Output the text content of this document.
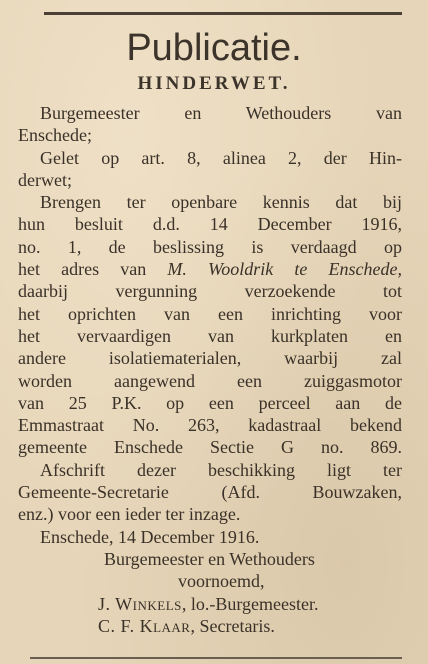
Publicatie.
HINDERWET.
Burgemeester en Wethouders van
Enschede;
Gelet op art. 8, alinea 2, der Hin-
derwet;
Brengen ter openbare kennis dat bij
hun besluit d.d. 14 December 1916,
no. 1, de beslissing is verdaagd op
het adres van M. Wooldrik te Enschede,
daarbij vergunning verzoekende tot
het oprichten van een inrichting voor
het vervaardigen van kurkplaten en
andere isolatiematerialen, waarbij zal
worden aangewend een zuiggasmotor
van 25 P.K. op een perceel aan de
Emmastraat No. 263, kadastraal bekend
gemeente Enschede Sectie G no. 869.
Afschrift dezer beschikking ligt ter
Gemeente-Secretarie (Afd. Bouwzaken,
enz.) voor een ieder ter inzage.
Enschede, 14 December 1916.
Burgemeester en Wethouders
voornoemd,
J. Winkels, lo.-Burgemeester.
C. F. Klaar, Secretaris.
